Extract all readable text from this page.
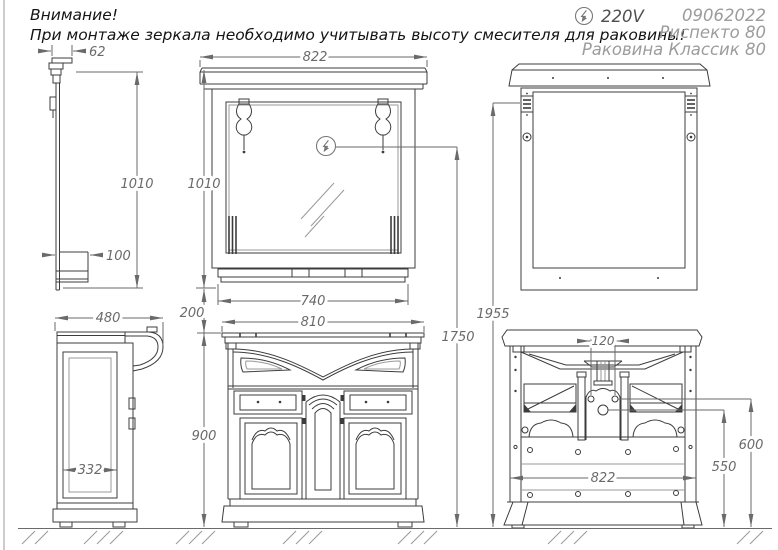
Внимание!
При монтаже зеркала необходимо учитывать высоту смесителя для раковины!
220V 09062022
Риспекто 80
Раковина Классик 80
62
1010
100
822
1010
200
740
810
900
480
332
1955
1750	120
600
550
822
